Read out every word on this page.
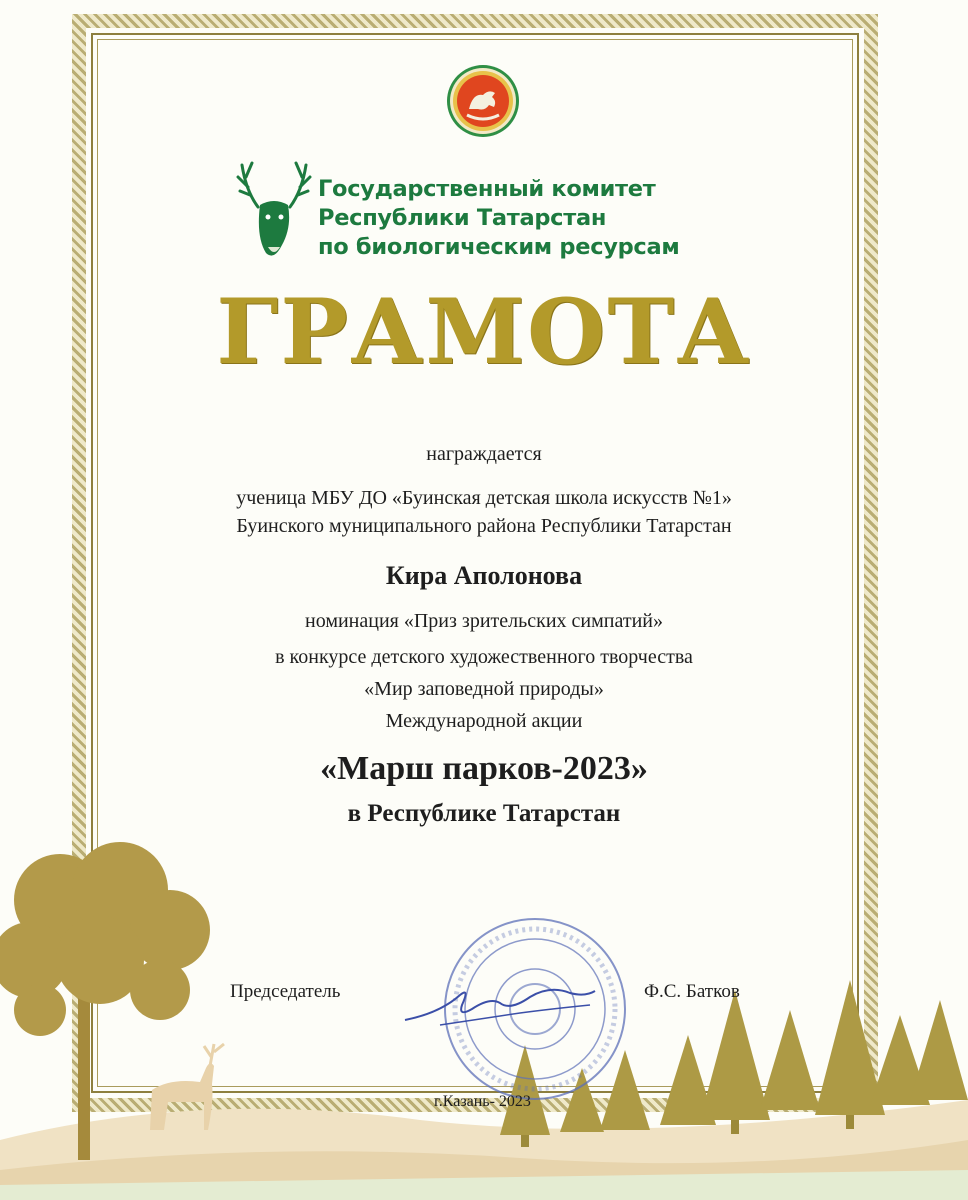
Государственный комитет
Республики Татарстан
по биологическим ресурсам
ГРАМОТА
награждается
ученица МБУ ДО «Буинская детская школа искусств №1»
Буинского муниципального района Республики Татарстан
Кира Аполонова
номинация «Приз зрительских симпатий»
в конкурсе детского художественного творчества
«Мир заповедной природы»
Международной акции
«Марш парков-2023»
в Республике Татарстан
Председатель	Ф.С. Батков
г.Казань- 2023
